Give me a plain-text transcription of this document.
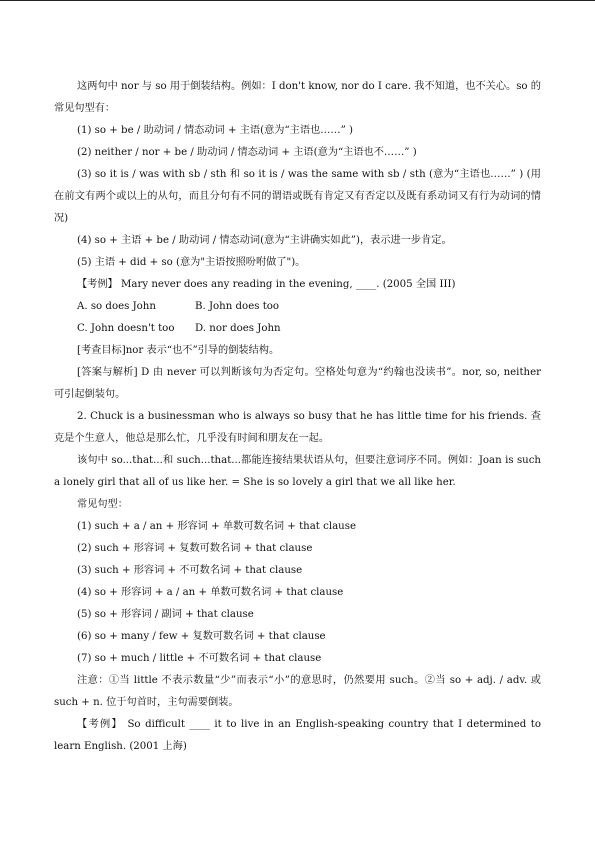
这两句中 nor 与 so 用于倒装结构。例如：I don't know, nor do I care. 我不知道，也不关心。so 的常见句型有：

(1) so + be / 助动词 / 情态动词 + 主语(意为“主语也……” )

(2) neither / nor + be / 助动词 / 情态动词 + 主语(意为“主语也不……” )

(3) so it is / was with sb / sth 和 so it is / was the same with sb / sth (意为“主语也……” ) (用在前文有两个或以上的从句，而且分句有不同的谓语或既有肯定又有否定以及既有系动词又有行为动词的情况)

(4) so + 主语 + be / 助动词 / 情态动词(意为“主讲确实如此”)，表示进一步肯定。

(5) 主语 + did + so (意为"主语按照吩咐做了")。

【考例】 Mary never does any reading in the evening, ____. (2005 全国 III)

A. so does John	B. John does too

C. John doesn't too D. nor does John

[考查目标]nor 表示“也不”引导的倒装结构。

[答案与解析] D 由 never 可以判断该句为否定句。空格处句意为“约翰也没读书”。nor, so, neither 可引起倒装句。

2. Chuck is a businessman who is always so busy that he has little time for his friends. 查克是个生意人，他总是那么忙，几乎没有时间和朋友在一起。

该句中 so...that...和 such...that...都能连接结果状语从句，但要注意词序不同。例如：Joan is such a lonely girl that all of us like her. = She is so lovely a girl that we all like her.

常见句型：

(1) such + a / an + 形容词 + 单数可数名词 + that clause

(2) such + 形容词 + 复数可数名词 + that clause

(3) such + 形容词 + 不可数名词 + that clause

(4) so + 形容词 + a / an + 单数可数名词 + that clause

(5) so + 形容词 / 副词 + that clause

(6) so + many / few + 复数可数名词 + that clause

(7) so + much / little + 不可数名词 + that clause

注意：①当 little 不表示数量“少”而表示“小”的意思时，仍然要用 such。②当 so + adj. / adv. 或 such + n. 位于句首时，主句需要倒装。

【考例】 So difficult ____ it to live in an English-speaking country that I determined to learn English. (2001 上海)
